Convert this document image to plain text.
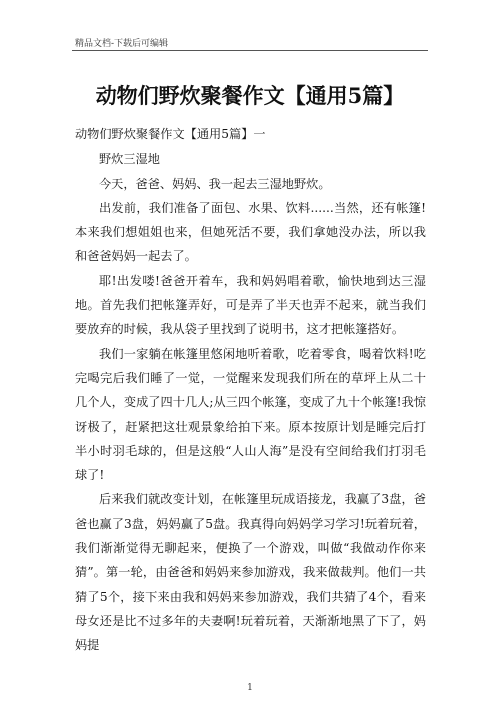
精品文档-下载后可编辑
动物们野炊聚餐作文【通用5篇】

动物们野炊聚餐作文【通用5篇】一

野炊三湿地

今天，爸爸、妈妈、我一起去三湿地野炊。

出发前，我们准备了面包、水果、饮料......当然，还有帐篷!本来我们想姐姐也来，但她死活不要，我们拿她没办法，所以我和爸爸妈妈一起去了。

耶!出发喽!爸爸开着车，我和妈妈唱着歌，愉快地到达三湿地。首先我们把帐篷弄好，可是弄了半天也弄不起来，就当我们要放弃的时候，我从袋子里找到了说明书，这才把帐篷搭好。

我们一家躺在帐篷里悠闲地听着歌，吃着零食，喝着饮料!吃完喝完后我们睡了一觉，一觉醒来发现我们所在的草坪上从二十几个人，变成了四十几人;从三四个帐篷，变成了九十个帐篷!我惊讶极了，赶紧把这壮观景象给拍下来。原本按原计划是睡完后打半小时羽毛球的，但是这般“人山人海”是没有空间给我们打羽毛球了!

后来我们就改变计划，在帐篷里玩成语接龙，我赢了3盘，爸爸也赢了3盘，妈妈赢了5盘。我真得向妈妈学习学习!玩着玩着，我们渐渐觉得无聊起来，便换了一个游戏，叫做“我做动作你来猜”。第一轮，由爸爸和妈妈来参加游戏，我来做裁判。他们一共猜了5个，接下来由我和妈妈来参加游戏，我们共猜了4个，看来母女还是比不过多年的夫妻啊!玩着玩着，天渐渐地黑了下了，妈妈提

1
